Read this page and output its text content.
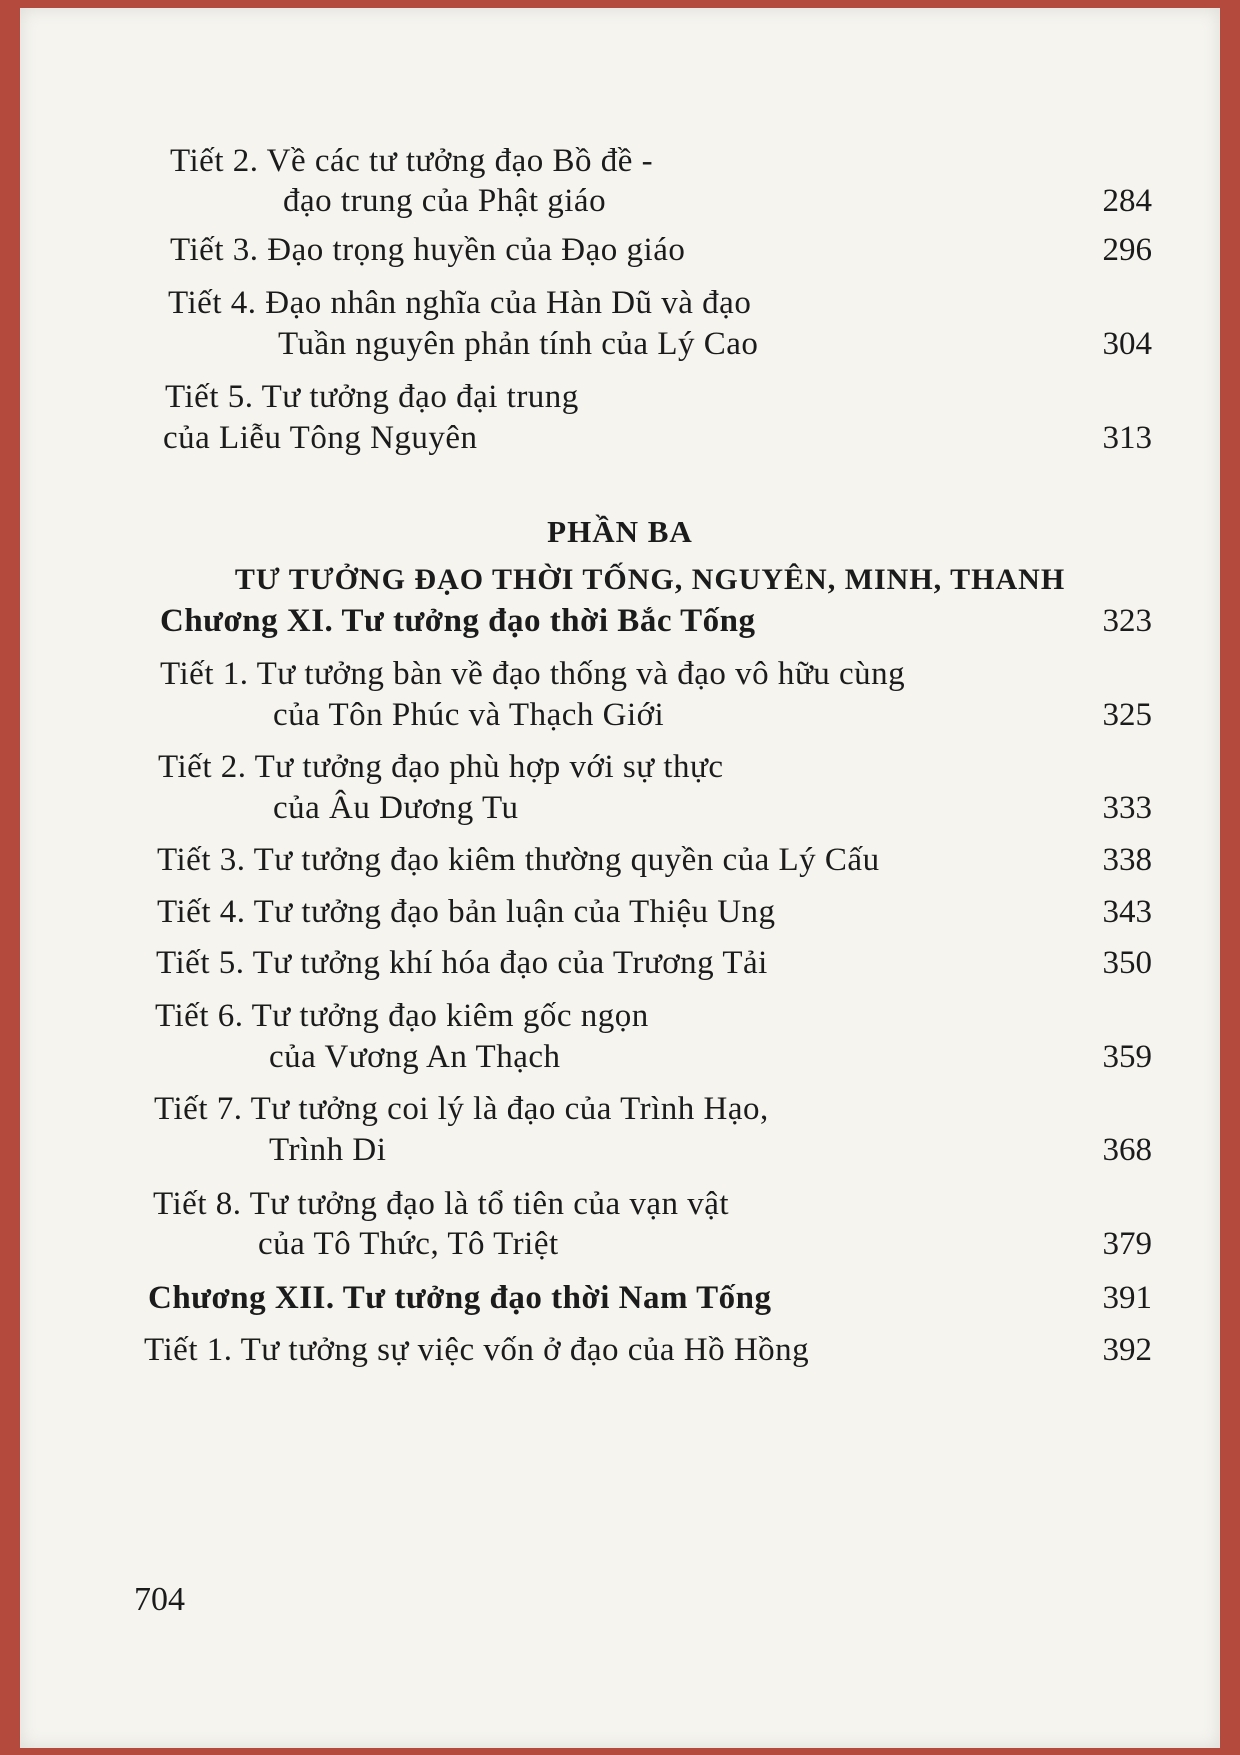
Tiết 2. Về các tư tưởng đạo Bồ đề -
đạo trung của Phật giáo	284
Tiết 3. Đạo trọng huyền của Đạo giáo	296
Tiết 4. Đạo nhân nghĩa của Hàn Dũ và đạo
Tuần nguyên phản tính của Lý Cao	304
Tiết 5. Tư tưởng đạo đại trung
của Liễu Tông Nguyên	313
PHẦN BA
TƯ TƯỞNG ĐẠO THỜI TỐNG, NGUYÊN, MINH, THANH
Chương XI. Tư tưởng đạo thời Bắc Tống	323
Tiết 1. Tư tưởng bàn về đạo thống và đạo vô hữu cùng
của Tôn Phúc và Thạch Giới	325
Tiết 2. Tư tưởng đạo phù hợp với sự thực
của Âu Dương Tu	333
Tiết 3. Tư tưởng đạo kiêm thường quyền của Lý Cấu	338
Tiết 4. Tư tưởng đạo bản luận của Thiệu Ung	343
Tiết 5. Tư tưởng khí hóa đạo của Trương Tải	350
Tiết 6. Tư tưởng đạo kiêm gốc ngọn
của Vương An Thạch	359
Tiết 7. Tư tưởng coi lý là đạo của Trình Hạo,
Trình Di	368
Tiết 8. Tư tưởng đạo là tổ tiên của vạn vật
của Tô Thức, Tô Triệt	379
Chương XII. Tư tưởng đạo thời Nam Tống	391
Tiết 1. Tư tưởng sự việc vốn ở đạo của Hồ Hồng	392
704
